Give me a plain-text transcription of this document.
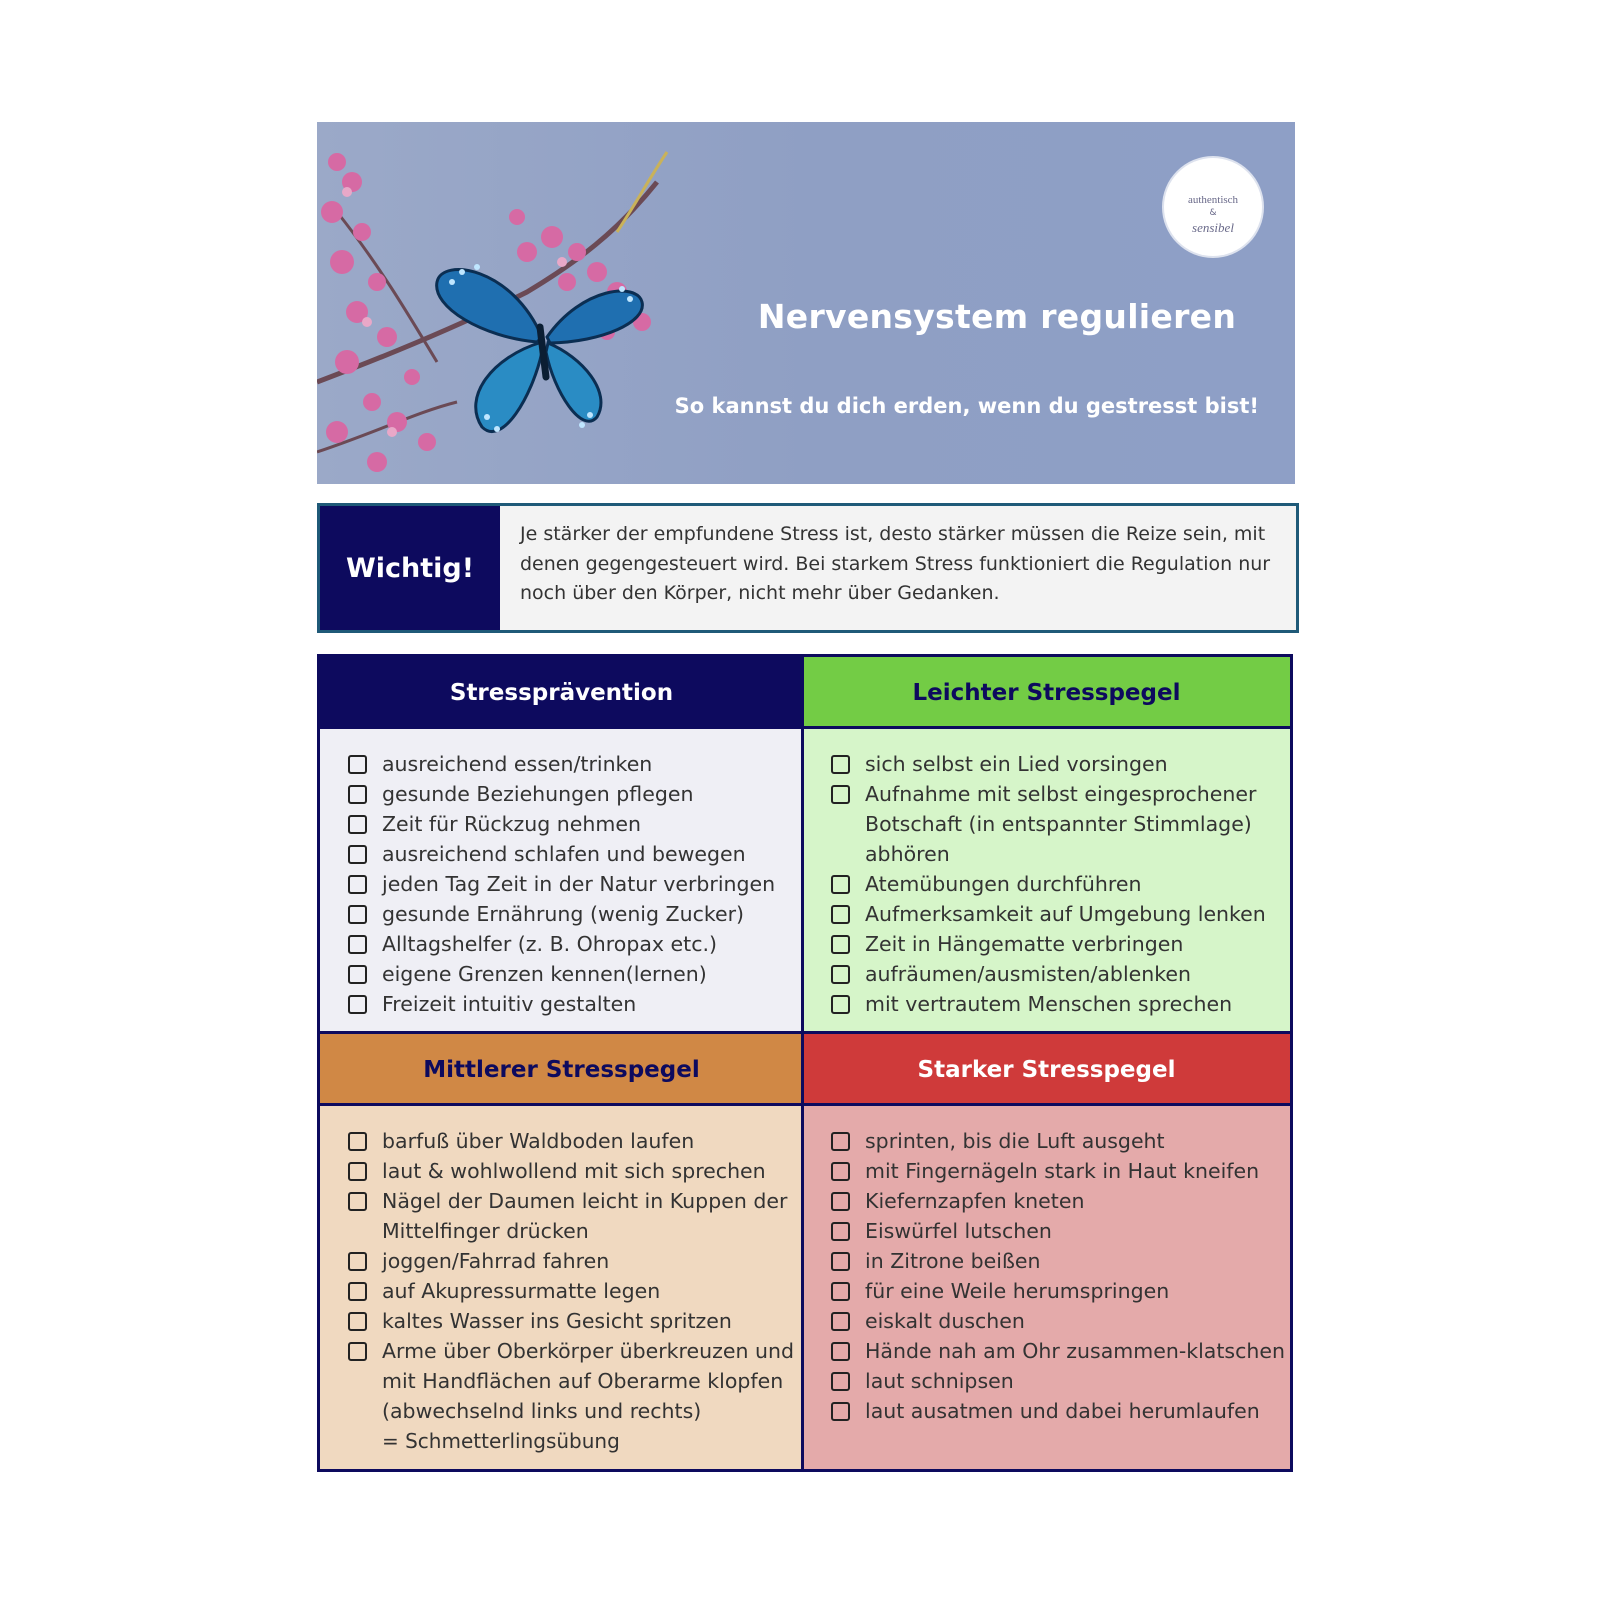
authentisch
&
sensibel
Nervensystem regulieren
So kannst du dich erden, wenn du gestresst bist!
Wichtig!
Je stärker der empfundene Stress ist, desto stärker müssen die Reize sein, mit denen gegengesteuert wird. Bei starkem Stress funktioniert die Regulation nur noch über den Körper, nicht mehr über Gedanken.
Stressprävention	Leichter Stresspegel
ausreichend essen/trinken
gesunde Beziehungen pflegen
Zeit für Rückzug nehmen
ausreichend schlafen und bewegen
jeden Tag Zeit in der Natur verbringen
gesunde Ernährung (wenig Zucker)
Alltagshelfer (z. B. Ohropax etc.)
eigene Grenzen kennen(lernen)
Freizeit intuitiv gestalten
sich selbst ein Lied vorsingen
Aufnahme mit selbst eingesprochener Botschaft (in entspannter Stimmlage) abhören
Atemübungen durchführen
Aufmerksamkeit auf Umgebung lenken
Zeit in Hängematte verbringen
aufräumen/ausmisten/ablenken
mit vertrautem Menschen sprechen
Mittlerer Stresspegel	Starker Stresspegel
barfuß über Waldboden laufen
laut & wohlwollend mit sich sprechen
Nägel der Daumen leicht in Kuppen der Mittelfinger drücken
joggen/Fahrrad fahren
auf Akupressurmatte legen
kaltes Wasser ins Gesicht spritzen
Arme über Oberkörper überkreuzen und mit Handflächen auf Oberarme klopfen (abwechselnd links und rechts)
= Schmetterlingsübung
sprinten, bis die Luft ausgeht
mit Fingernägeln stark in Haut kneifen
Kiefernzapfen kneten
Eiswürfel lutschen
in Zitrone beißen
für eine Weile herumspringen
eiskalt duschen
Hände nah am Ohr zusammen-klatschen
laut schnipsen
laut ausatmen und dabei herumlaufen
